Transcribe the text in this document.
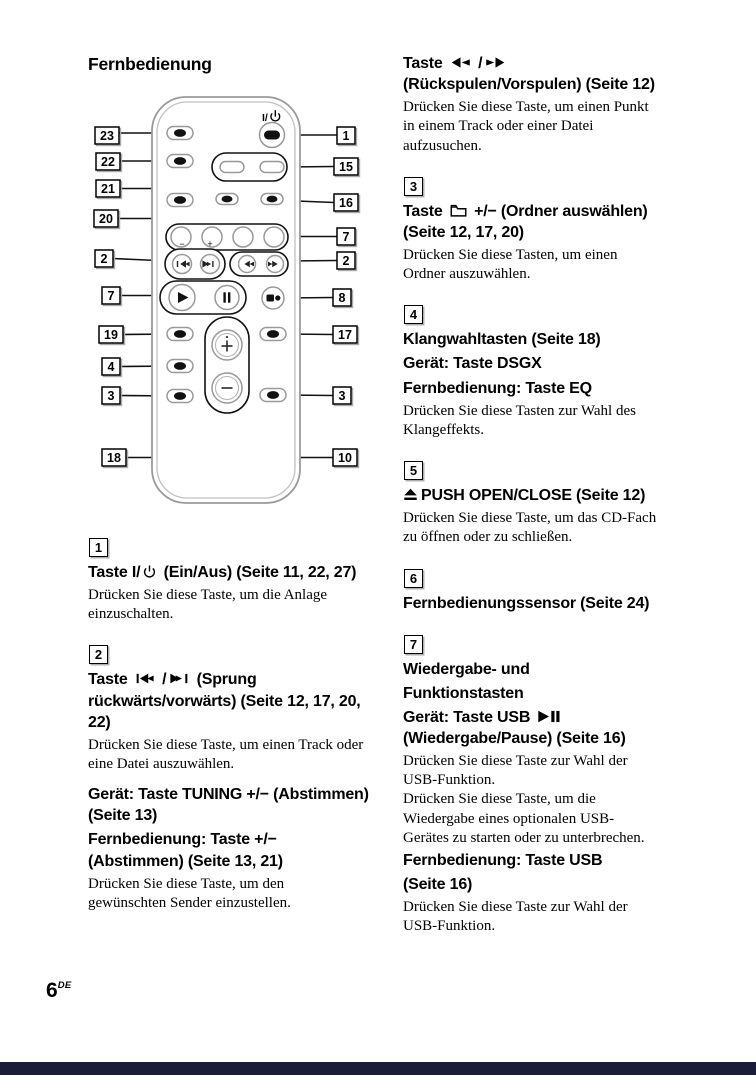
Fernbedienung
I/
−	+
23
22
21
20
2
7
19
4
3
18
1
15
16
7
2
8
17
3
10
1
Taste I/ (Ein/Aus) (Seite 11, 22, 27)
Drücken Sie diese Taste, um die Anlage einzuschalten.
2
Taste  / (Sprung rückwärts/vorwärts) (Seite 12, 17, 20, 22)
Drücken Sie diese Taste, um einen Track oder eine Datei auszuwählen.
Gerät: Taste TUNING +/− (Abstimmen) (Seite 13)
Fernbedienung: Taste +/− (Abstimmen) (Seite 13, 21)
Drücken Sie diese Taste, um den gewünschten Sender einzustellen.
Taste  / (Rückspulen/Vorspulen) (Seite 12)
Drücken Sie diese Taste, um einen Punkt in einem Track oder einer Datei aufzusuchen.
3
Taste  +/− (Ordner auswählen) (Seite 12, 17, 20)
Drücken Sie diese Tasten, um einen Ordner auszuwählen.
4
Klangwahltasten (Seite 18)
Gerät: Taste DSGX
Fernbedienung: Taste EQ
Drücken Sie diese Tasten zur Wahl des Klangeffekts.
5
PUSH OPEN/CLOSE (Seite 12)
Drücken Sie diese Taste, um das CD-Fach zu öffnen oder zu schließen.
6
Fernbedienungssensor (Seite 24)
7
Wiedergabe- und
Funktionstasten
Gerät: Taste USB  (Wiedergabe/Pause) (Seite 16)
Drücken Sie diese Taste zur Wahl der USB-Funktion.
Drücken Sie diese Taste, um die Wiedergabe eines optionalen USB-Gerätes zu starten oder zu unterbrechen.
Fernbedienung: Taste USB
(Seite 16)
Drücken Sie diese Taste zur Wahl der USB-Funktion.
6DE
